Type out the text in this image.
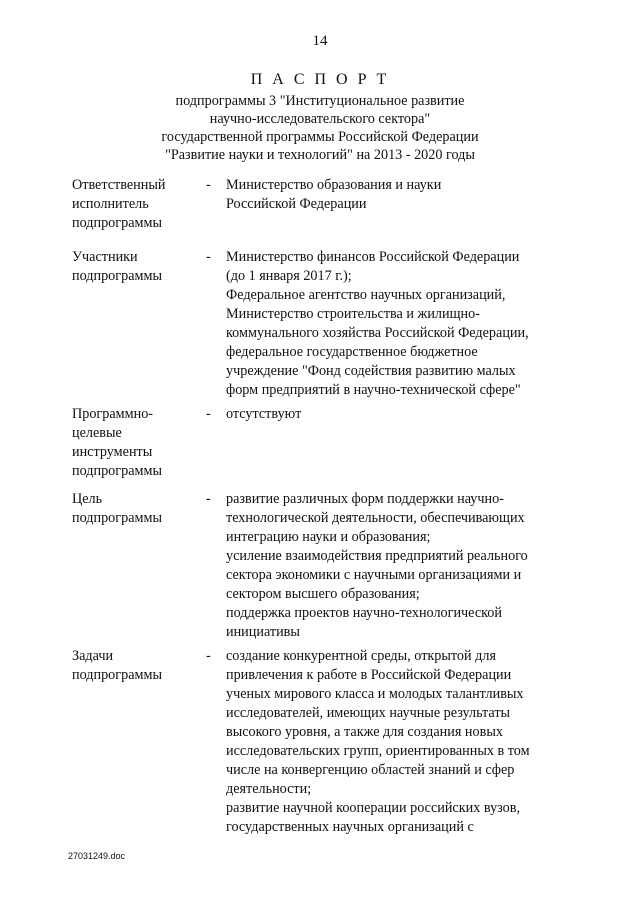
14
П А С П О Р Т
подпрограммы 3 "Институциональное развитие
научно-исследовательского сектора"
государственной программы Российской Федерации
"Развитие науки и технологий" на 2013 - 2020 годы
Ответственный
исполнитель
подпрограммы
- Министерство образования и науки
Российской Федерации
Участники
подпрограммы
- Министерство финансов Российской Федерации
(до 1 января 2017 г.);
Федеральное агентство научных организаций,
Министерство строительства и жилищно-
коммунального хозяйства Российской Федерации,
федеральное государственное бюджетное
учреждение "Фонд содействия развитию малых
форм предприятий в научно-технической сфере"
Программно-
целевые
инструменты
подпрограммы
- отсутствуют
Цель
подпрограммы
- развитие различных форм поддержки научно-
технологической деятельности, обеспечивающих
интеграцию науки и образования;
усиление взаимодействия предприятий реального
сектора экономики с научными организациями и
сектором высшего образования;
поддержка проектов научно-технологической
инициативы
Задачи
подпрограммы
- создание конкурентной среды, открытой для
привлечения к работе в Российской Федерации
ученых мирового класса и молодых талантливых
исследователей, имеющих научные результаты
высокого уровня, а также для создания новых
исследовательских групп, ориентированных в том
числе на конвергенцию областей знаний и сфер
деятельности;
развитие научной кооперации российских вузов,
государственных научных организаций с
27031249.doc
